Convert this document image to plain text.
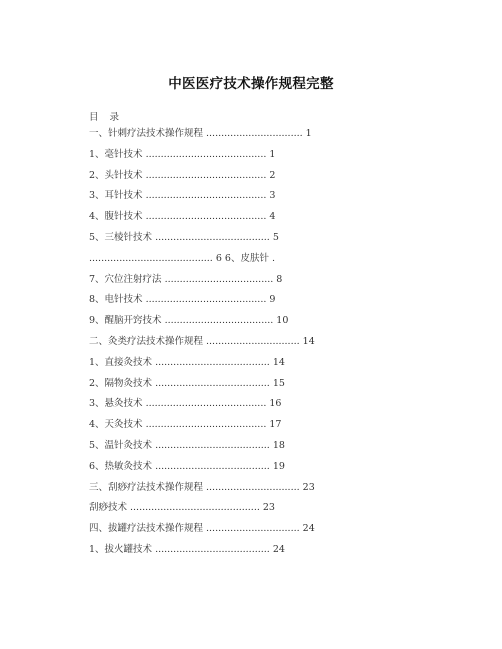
中医医疗技术操作规程完整
目 录
一、针刺疗法技术操作规程 ................................ 1
1、毫针技术 ........................................ 1
2、头针技术 ........................................ 2
3、耳针技术 ........................................ 3
4、腹针技术 ........................................ 4
5、三棱针技术 ...................................... 5
......................................... 6 6、皮肤针 .
7、穴位注射疗法 .................................... 8
8、电针技术 ........................................ 9
9、醒脑开窍技术 .................................... 10
二、灸类疗法技术操作规程 ............................... 14
1、直接灸技术 ...................................... 14
2、隔物灸技术 ...................................... 15
3、悬灸技术 ........................................ 16
4、天灸技术 ........................................ 17
5、温针灸技术 ...................................... 18
6、热敏灸技术 ...................................... 19
三、刮痧疗法技术操作规程 ............................... 23
刮痧技术 ........................................... 23
四、拔罐疗法技术操作规程 ............................... 24
1、拔火罐技术 ...................................... 24
